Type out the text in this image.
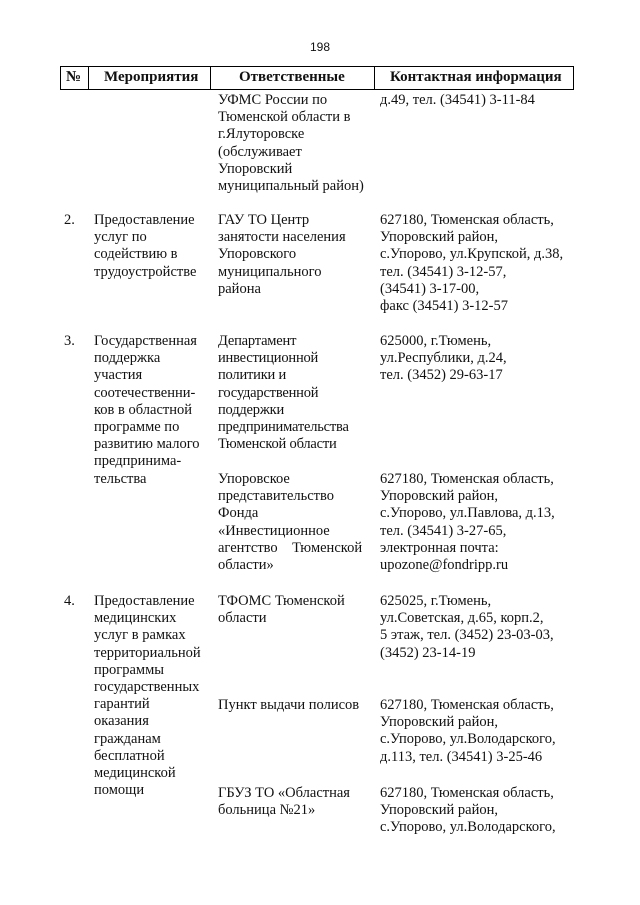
198
№ Мероприятия	Ответственные	Контактная информация
УФМС России по
Тюменской области в
г.Ялуторовске
(обслуживает
Упоровский
муниципальный район)
д.49, тел. (34541) 3-11-84
2. Предоставление
услуг по
содействию в
трудоустройстве
ГАУ ТО Центр
занятости населения
Упоровского
муниципального
района
627180, Тюменская область,
Упоровский район,
с.Упорово, ул.Крупской, д.38,
тел. (34541) 3-12-57,
(34541) 3-17-00,
факс (34541) 3-12-57
3. Государственная
поддержка
участия
соотечественни-
ков в областной
программе по
развитию малого
предпринима-
тельства
Департамент
инвестиционной
политики и
государственной
поддержки
предпринимательства
Тюменской области
625000, г.Тюмень,
ул.Республики, д.24,
тел. (3452) 29-63-17
Упоровское
представительство
Фонда
«Инвестиционное
агентство    Тюменской
области»
627180, Тюменская область,
Упоровский район,
с.Упорово, ул.Павлова, д.13,
тел. (34541) 3-27-65,
электронная почта:
upozone@fondripp.ru
4. Предоставление
медицинских
услуг в рамках
территориальной
программы
государственных
гарантий
оказания
гражданам
бесплатной
медицинской
помощи
ТФОМС Тюменской
области
625025, г.Тюмень,
ул.Советская, д.65, корп.2,
5 этаж, тел. (3452) 23-03-03,
(3452) 23-14-19
Пункт выдачи полисов 627180, Тюменская область,
Упоровский район,
с.Упорово, ул.Володарского,
д.113, тел. (34541) 3-25-46
ГБУЗ ТО «Областная
больница №21»
627180, Тюменская область,
Упоровский район,
с.Упорово, ул.Володарского,
